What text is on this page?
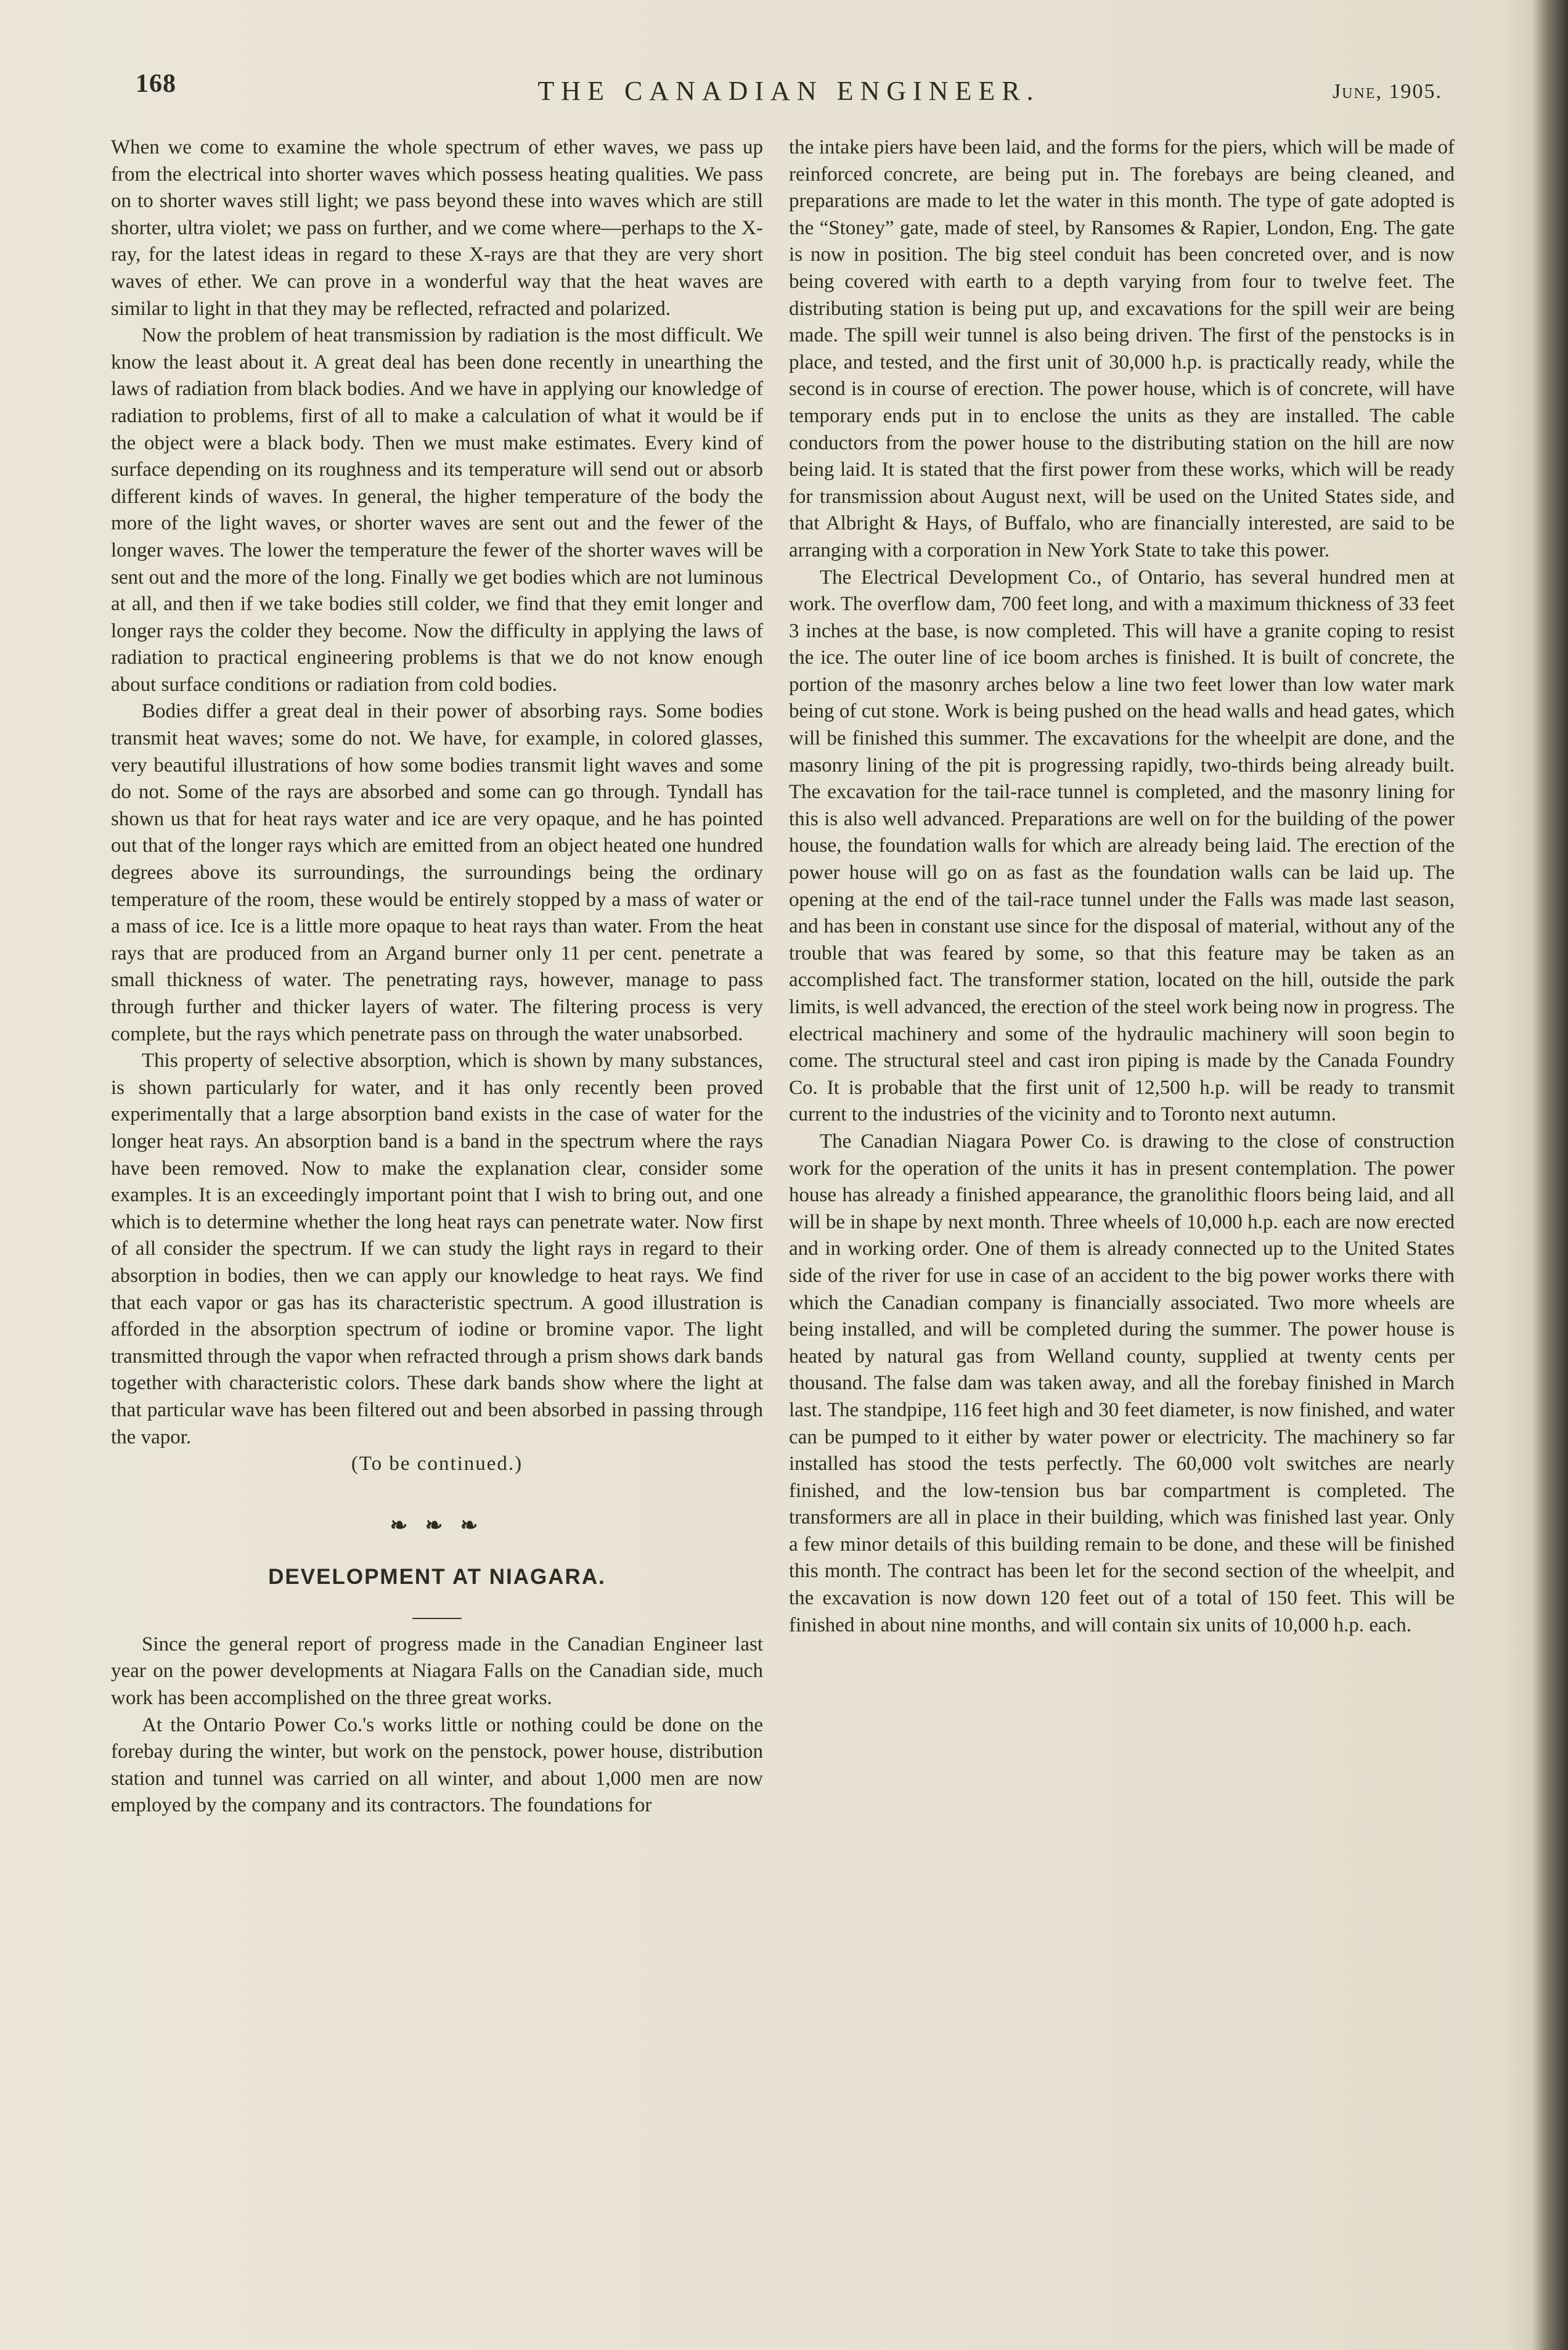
168	THE CANADIAN ENGINEER.	June, 1905.

When we come to examine the whole spectrum of ether waves, we pass up from the electrical into shorter waves which possess heating qualities. We pass on to shorter waves still light; we pass beyond these into waves which are still shorter, ultra violet; we pass on further, and we come where—perhaps to the X-ray, for the latest ideas in regard to these X-rays are that they are very short waves of ether. We can prove in a wonderful way that the heat waves are similar to light in that they may be reflected, refracted and polarized.

Now the problem of heat transmission by radiation is the most difficult. We know the least about it. A great deal has been done recently in unearthing the laws of radiation from black bodies. And we have in applying our knowledge of radiation to problems, first of all to make a calculation of what it would be if the object were a black body. Then we must make estimates. Every kind of surface depending on its roughness and its temperature will send out or absorb different kinds of waves. In general, the higher temperature of the body the more of the light waves, or shorter waves are sent out and the fewer of the longer waves. The lower the temperature the fewer of the shorter waves will be sent out and the more of the long. Finally we get bodies which are not luminous at all, and then if we take bodies still colder, we find that they emit longer and longer rays the colder they become. Now the difficulty in applying the laws of radiation to practical engineering problems is that we do not know enough about surface conditions or radiation from cold bodies.

Bodies differ a great deal in their power of absorbing rays. Some bodies transmit heat waves; some do not. We have, for example, in colored glasses, very beautiful illustrations of how some bodies transmit light waves and some do not. Some of the rays are absorbed and some can go through. Tyndall has shown us that for heat rays water and ice are very opaque, and he has pointed out that of the longer rays which are emitted from an object heated one hundred degrees above its surroundings, the surroundings being the ordinary temperature of the room, these would be entirely stopped by a mass of water or a mass of ice. Ice is a little more opaque to heat rays than water. From the heat rays that are produced from an Argand burner only 11 per cent. penetrate a small thickness of water. The penetrating rays, however, manage to pass through further and thicker layers of water. The filtering process is very complete, but the rays which penetrate pass on through the water unabsorbed.

This property of selective absorption, which is shown by many substances, is shown particularly for water, and it has only recently been proved experimentally that a large absorption band exists in the case of water for the longer heat rays. An absorption band is a band in the spectrum where the rays have been removed. Now to make the explanation clear, consider some examples. It is an exceedingly important point that I wish to bring out, and one which is to determine whether the long heat rays can penetrate water. Now first of all consider the spectrum. If we can study the light rays in regard to their absorption in bodies, then we can apply our knowledge to heat rays. We find that each vapor or gas has its characteristic spectrum. A good illustration is afforded in the absorption spectrum of iodine or bromine vapor. The light transmitted through the vapor when refracted through a prism shows dark bands together with characteristic colors. These dark bands show where the light at that particular wave has been filtered out and been absorbed in passing through the vapor.

(To be continued.)

❧ ❧ ❧
DEVELOPMENT AT NIAGARA.

Since the general report of progress made in the Canadian Engineer last year on the power developments at Niagara Falls on the Canadian side, much work has been accomplished on the three great works.

At the Ontario Power Co.'s works little or nothing could be done on the forebay during the winter, but work on the penstock, power house, distribution station and tunnel was carried on all winter, and about 1,000 men are now employed by the company and its contractors. The foundations for

the intake piers have been laid, and the forms for the piers, which will be made of reinforced concrete, are being put in. The forebays are being cleaned, and preparations are made to let the water in this month. The type of gate adopted is the “Stoney” gate, made of steel, by Ransomes & Rapier, London, Eng. The gate is now in position. The big steel conduit has been concreted over, and is now being covered with earth to a depth varying from four to twelve feet. The distributing station is being put up, and excavations for the spill weir are being made. The spill weir tunnel is also being driven. The first of the penstocks is in place, and tested, and the first unit of 30,000 h.p. is practically ready, while the second is in course of erection. The power house, which is of concrete, will have temporary ends put in to enclose the units as they are installed. The cable conductors from the power house to the distributing station on the hill are now being laid. It is stated that the first power from these works, which will be ready for transmission about August next, will be used on the United States side, and that Albright & Hays, of Buffalo, who are financially interested, are said to be arranging with a corporation in New York State to take this power.

The Electrical Development Co., of Ontario, has several hundred men at work. The overflow dam, 700 feet long, and with a maximum thickness of 33 feet 3 inches at the base, is now completed. This will have a granite coping to resist the ice. The outer line of ice boom arches is finished. It is built of concrete, the portion of the masonry arches below a line two feet lower than low water mark being of cut stone. Work is being pushed on the head walls and head gates, which will be finished this summer. The excavations for the wheelpit are done, and the masonry lining of the pit is progressing rapidly, two-thirds being already built. The excavation for the tail-race tunnel is completed, and the masonry lining for this is also well advanced. Preparations are well on for the building of the power house, the foundation walls for which are already being laid. The erection of the power house will go on as fast as the foundation walls can be laid up. The opening at the end of the tail-race tunnel under the Falls was made last season, and has been in constant use since for the disposal of material, without any of the trouble that was feared by some, so that this feature may be taken as an accomplished fact. The transformer station, located on the hill, outside the park limits, is well advanced, the erection of the steel work being now in progress. The electrical machinery and some of the hydraulic machinery will soon begin to come. The structural steel and cast iron piping is made by the Canada Foundry Co. It is probable that the first unit of 12,500 h.p. will be ready to transmit current to the industries of the vicinity and to Toronto next autumn.

The Canadian Niagara Power Co. is drawing to the close of construction work for the operation of the units it has in present contemplation. The power house has already a finished appearance, the granolithic floors being laid, and all will be in shape by next month. Three wheels of 10,000 h.p. each are now erected and in working order. One of them is already connected up to the United States side of the river for use in case of an accident to the big power works there with which the Canadian company is financially associated. Two more wheels are being installed, and will be completed during the summer. The power house is heated by natural gas from Welland county, supplied at twenty cents per thousand. The false dam was taken away, and all the forebay finished in March last. The standpipe, 116 feet high and 30 feet diameter, is now finished, and water can be pumped to it either by water power or electricity. The machinery so far installed has stood the tests perfectly. The 60,000 volt switches are nearly finished, and the low-tension bus bar compartment is completed. The transformers are all in place in their building, which was finished last year. Only a few minor details of this building remain to be done, and these will be finished this month. The contract has been let for the second section of the wheelpit, and the excavation is now down 120 feet out of a total of 150 feet. This will be finished in about nine months, and will contain six units of 10,000 h.p. each.
